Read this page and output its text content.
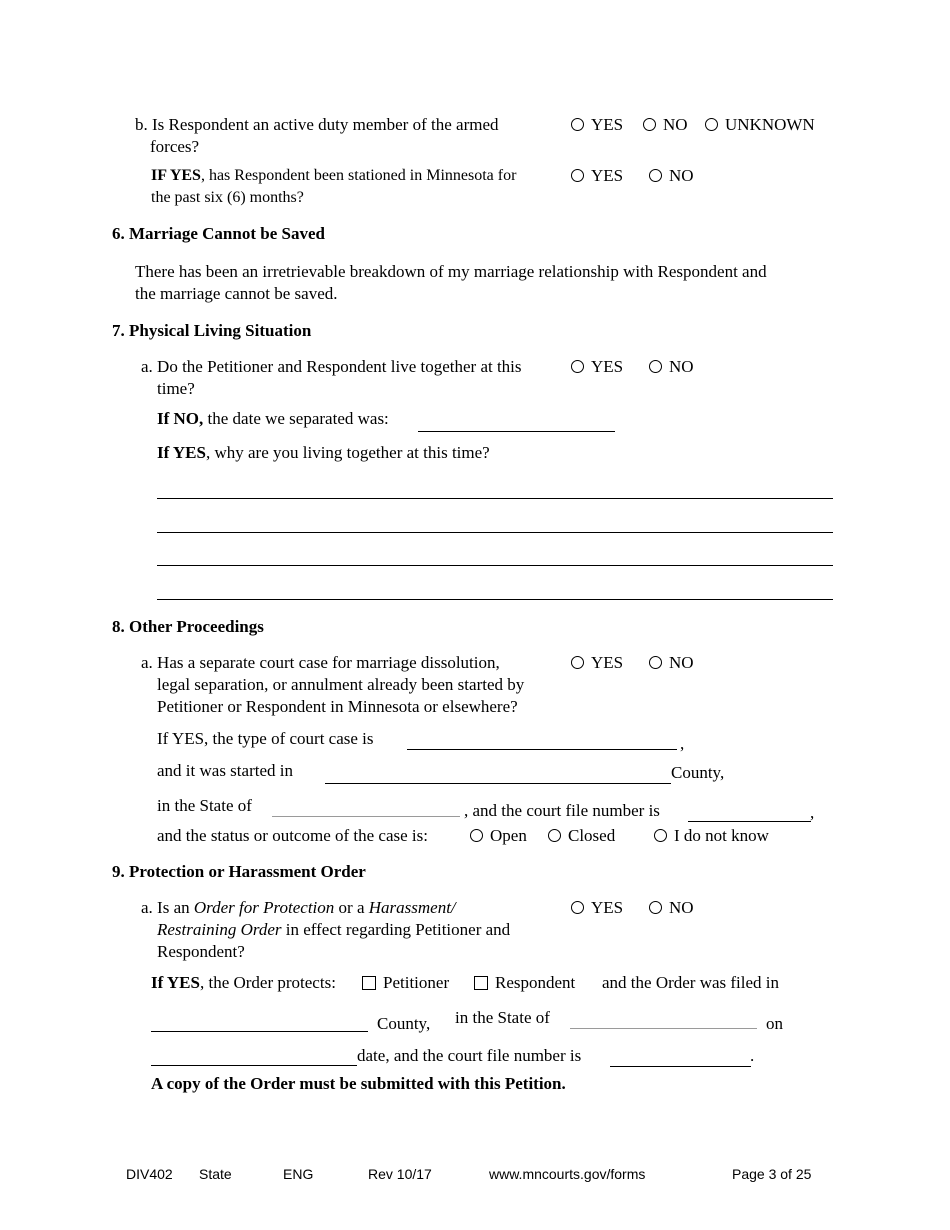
b. Is Respondent an active duty member of the armed
forces?
YES	NO	UNKNOWN
IF YES, has Respondent been stationed in Minnesota for
the past six (6) months?
YES	NO
6. Marriage Cannot be Saved
There has been an irretrievable breakdown of my marriage relationship with Respondent and
the marriage cannot be saved.
7. Physical Living Situation
a. Do the Petitioner and Respondent live together at this
time?
YES	NO
If NO, the date we separated was:
If YES, why are you living together at this time?
8. Other Proceedings
a. Has a separate court case for marriage dissolution,
legal separation, or annulment already been started by
Petitioner or Respondent in Minnesota or elsewhere?
YES	NO
If YES, the type of court case is	,
and it was started in	County,
in the State of	, and the court file number is	,
and the status or outcome of the case is:	Open	Closed	I do not know
9. Protection or Harassment Order
a. Is an Order for Protection or a Harassment/
Restraining Order in effect regarding Petitioner and
Respondent?
YES	NO
If YES, the Order protects:	Petitioner	Respondent and the Order was filed in
County, in the State of	on
date, and the court file number is	.
A copy of the Order must be submitted with this Petition.
DIV402 State	ENG	Rev 10/17	www.mncourts.gov/forms	Page 3 of 25
